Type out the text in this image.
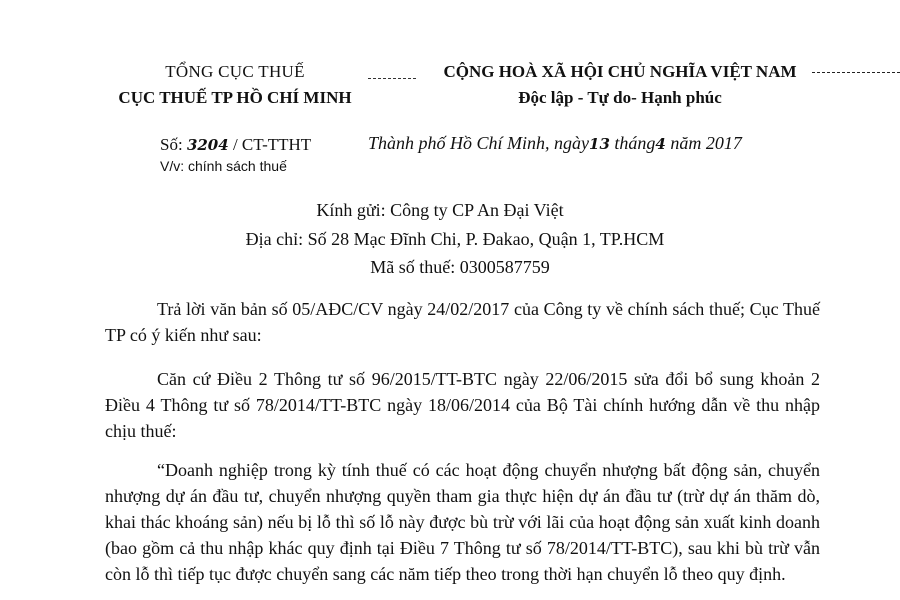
TỔNG CỤC THUẾ
CỤC THUẾ TP HỒ CHÍ MINH
CỘNG HOÀ XÃ HỘI CHỦ NGHĨA VIỆT NAM
Độc lập - Tự do- Hạnh phúc
Số: 3204 / CT-TTHT
V/v: chính sách thuế
Thành phố Hồ Chí Minh, ngày13 tháng4 năm 2017
Kính gửi: Công ty CP An Đại Việt
Địa chỉ: Số 28 Mạc Đĩnh Chi, P. Đakao, Quận 1, TP.HCM
Mã số thuế: 0300587759
Trả lời văn bản số 05/AĐC/CV ngày 24/02/2017 của Công ty về chính sách thuế; Cục Thuế TP có ý kiến như sau:
Căn cứ Điều 2 Thông tư số 96/2015/TT-BTC ngày 22/06/2015 sửa đổi bổ sung khoản 2 Điều 4 Thông tư số 78/2014/TT-BTC ngày 18/06/2014 của Bộ Tài chính hướng dẫn về thu nhập chịu thuế:
“Doanh nghiệp trong kỳ tính thuế có các hoạt động chuyển nhượng bất động sản, chuyển nhượng dự án đầu tư, chuyển nhượng quyền tham gia thực hiện dự án đầu tư (trừ dự án thăm dò, khai thác khoáng sản) nếu bị lỗ thì số lỗ này được bù trừ với lãi của hoạt động sản xuất kinh doanh (bao gồm cả thu nhập khác quy định tại Điều 7 Thông tư số 78/2014/TT-BTC), sau khi bù trừ vẫn còn lỗ thì tiếp tục được chuyển sang các năm tiếp theo trong thời hạn chuyển lỗ theo quy định.
